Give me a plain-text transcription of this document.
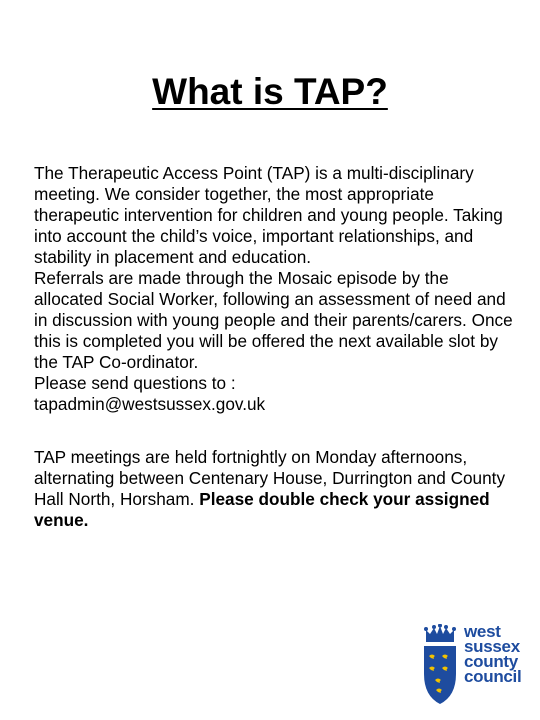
What is TAP?

The Therapeutic Access Point (TAP) is a multi-disciplinary meeting. We consider together, the most appropriate therapeutic intervention for children and young people. Taking into account the child’s voice, important relationships, and stability in placement and education.

Referrals are made through the Mosaic episode by the allocated Social Worker, following an assessment of need and in discussion with young people and their parents/carers. Once this is completed you will be offered the next available slot by the TAP Co-ordinator.

Please send questions to :

tapadmin@westsussex.gov.uk

TAP meetings are held fortnightly on Monday afternoons, alternating between Centenary House, Durrington and County Hall North, Horsham. Please double check your assigned venue.

west
sussex
county
council
